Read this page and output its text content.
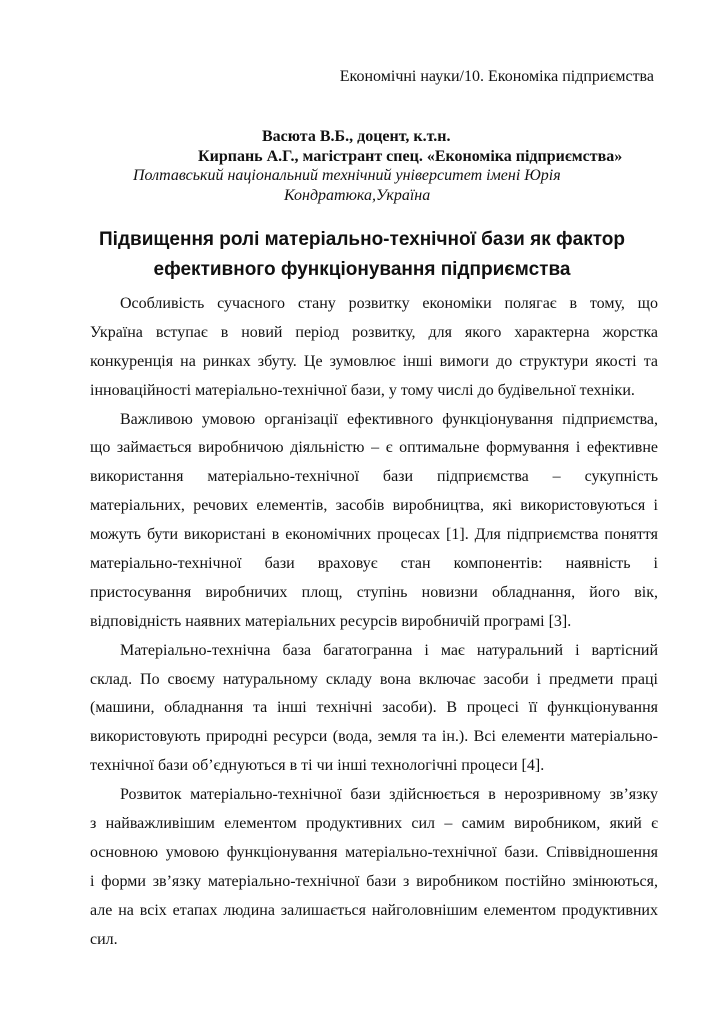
Економічні науки/10. Економіка підприємства
Васюта В.Б., доцент, к.т.н.
Кирпань А.Г., магістрант спец. «Економіка підприємства»
Полтавський національний технічний університет імені Юрія
Кондратюка,Україна
Підвищення ролі матеріально-технічної бази як фактор
ефективного функціонування підприємства
Особливість сучасного стану розвитку економіки полягає в тому, що
Україна вступає в новий період розвитку, для якого характерна жорстка
конкуренція на ринках збуту. Це зумовлює інші вимоги до структури якості та
інноваційності матеріально-технічної бази, у тому числі до будівельної техніки.
Важливою умовою організації ефективного функціонування підприємства,
що займається виробничою діяльністю – є оптимальне формування і ефективне
використання матеріально-технічної бази підприємства – сукупність
матеріальних, речових елементів, засобів виробництва, які використовуються і
можуть бути використані в економічних процесах [1]. Для підприємства поняття
матеріально-технічної бази враховує стан компонентів: наявність і
пристосування виробничих площ, ступінь новизни обладнання, його вік,
відповідність наявних матеріальних ресурсів виробничій програмі [3].
Матеріально-технічна база багатогранна і має натуральний і вартісний
склад. По своєму натуральному складу вона включає засоби і предмети праці
(машини, обладнання та інші технічні засоби). В процесі її функціонування
використовують природні ресурси (вода, земля та ін.). Всі елементи матеріально-
технічної бази об’єднуються в ті чи інші технологічні процеси [4].
Розвиток матеріально-технічної бази здійснюється в нерозривному зв’язку
з найважливішим елементом продуктивних сил – самим виробником, який є
основною умовою функціонування матеріально-технічної бази. Співвідношення
і форми зв’язку матеріально-технічної бази з виробником постійно змінюються,
але на всіх етапах людина залишається найголовнішим елементом продуктивних
сил.
